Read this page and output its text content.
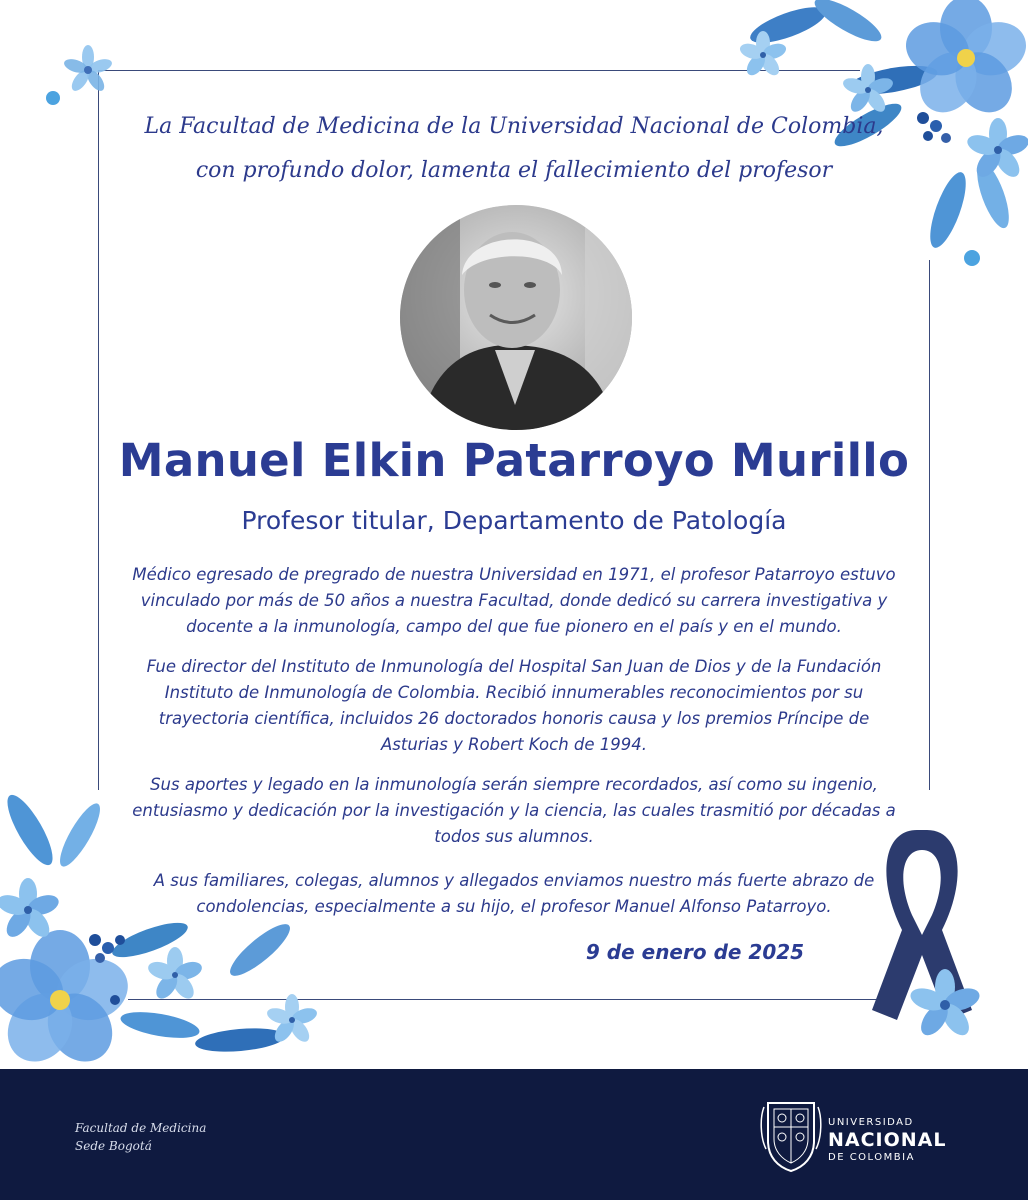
La Facultad de Medicina de la Universidad Nacional de Colombia,
con profundo dolor, lamenta el fallecimiento del profesor
Manuel Elkin Patarroyo Murillo
Profesor titular, Departamento de Patología
Médico egresado de pregrado de nuestra Universidad en 1971, el profesor Patarroyo estuvo
vinculado por más de 50 años a nuestra Facultad, donde dedicó su carrera investigativa y
docente a la inmunología, campo del que fue pionero en el país y en el mundo.
Fue director del Instituto de Inmunología del Hospital San Juan de Dios y de la Fundación
Instituto de Inmunología de Colombia. Recibió innumerables reconocimientos por su
trayectoria científica, incluidos 26 doctorados honoris causa y los premios Príncipe de
Asturias y Robert Koch de 1994.
Sus aportes y legado en la inmunología serán siempre recordados, así como su ingenio,
entusiasmo y dedicación por la investigación y la ciencia, las cuales trasmitió por décadas a
todos sus alumnos.
A sus familiares, colegas, alumnos y allegados enviamos nuestro más fuerte abrazo de
condolencias, especialmente a su hijo, el profesor Manuel Alfonso Patarroyo.
9 de enero de 2025
Facultad de Medicina
Sede Bogotá
UNIVERSIDAD
NACIONAL
DE COLOMBIA
